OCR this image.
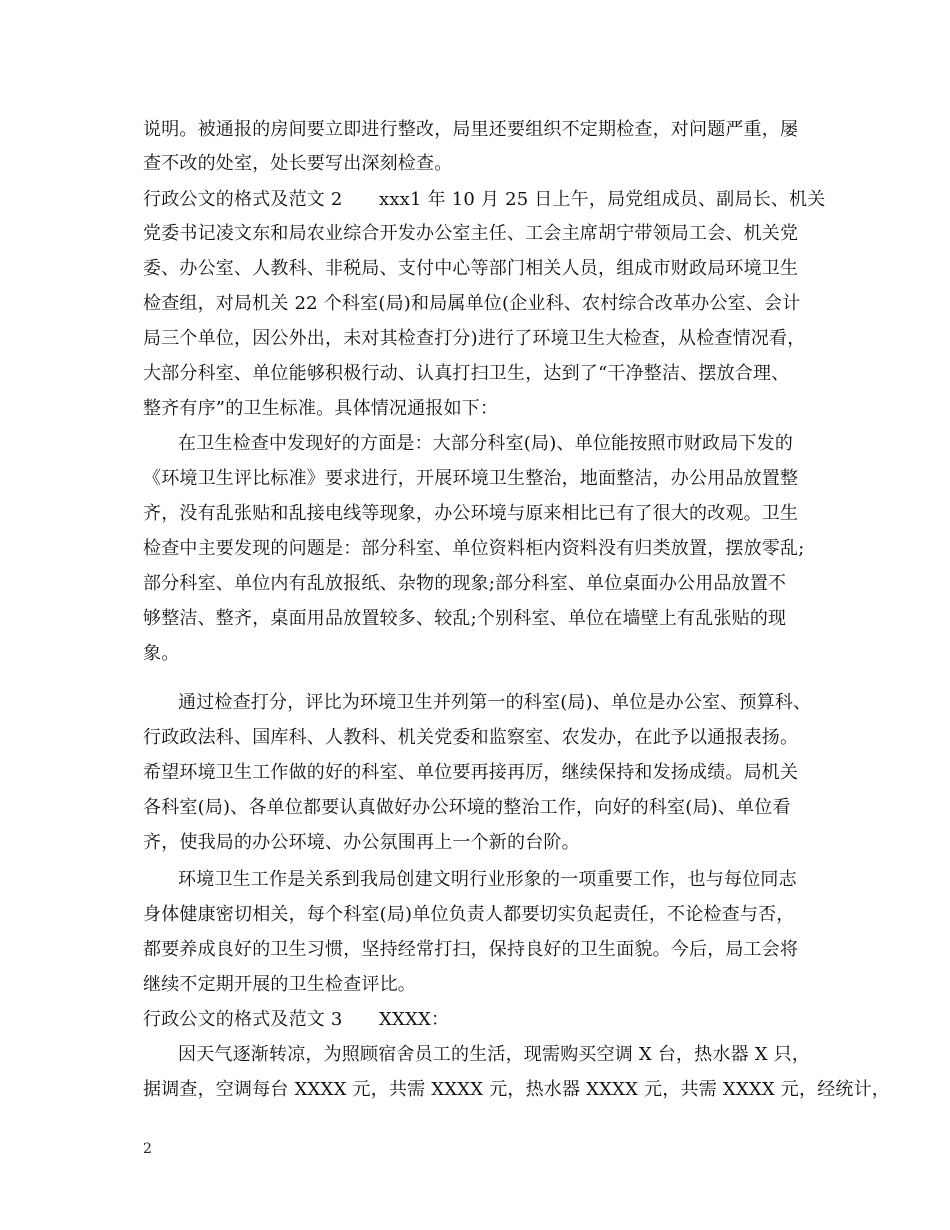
说明。被通报的房间要立即进行整改，局里还要组织不定期检查，对问题严重，屡
查不改的处室，处长要写出深刻检查。
行政公文的格式及范文 2　　xxx1 年 10 月 25 日上午，局党组成员、副局长、机关
党委书记凌文东和局农业综合开发办公室主任、工会主席胡宁带领局工会、机关党
委、办公室、人教科、非税局、支付中心等部门相关人员，组成市财政局环境卫生
检查组，对局机关 22 个科室(局)和局属单位(企业科、农村综合改革办公室、会计
局三个单位，因公外出，未对其检查打分)进行了环境卫生大检查，从检查情况看，
大部分科室、单位能够积极行动、认真打扫卫生，达到了“干净整洁、摆放合理、
整齐有序”的卫生标准。具体情况通报如下：
在卫生检查中发现好的方面是：大部分科室(局)、单位能按照市财政局下发的
《环境卫生评比标准》要求进行，开展环境卫生整治，地面整洁，办公用品放置整
齐，没有乱张贴和乱接电线等现象，办公环境与原来相比已有了很大的改观。卫生
检查中主要发现的问题是：部分科室、单位资料柜内资料没有归类放置，摆放零乱;
部分科室、单位内有乱放报纸、杂物的现象;部分科室、单位桌面办公用品放置不
够整洁、整齐，桌面用品放置较多、较乱;个别科室、单位在墙壁上有乱张贴的现
象。
通过检查打分，评比为环境卫生并列第一的科室(局)、单位是办公室、预算科、
行政政法科、国库科、人教科、机关党委和监察室、农发办，在此予以通报表扬。
希望环境卫生工作做的好的科室、单位要再接再厉，继续保持和发扬成绩。局机关
各科室(局)、各单位都要认真做好办公环境的整治工作，向好的科室(局)、单位看
齐，使我局的办公环境、办公氛围再上一个新的台阶。
环境卫生工作是关系到我局创建文明行业形象的一项重要工作，也与每位同志
身体健康密切相关，每个科室(局)单位负责人都要切实负起责任，不论检查与否，
都要养成良好的卫生习惯，坚持经常打扫，保持良好的卫生面貌。今后，局工会将
继续不定期开展的卫生检查评比。
行政公文的格式及范文 3　　XXXX：
因天气逐渐转凉，为照顾宿舍员工的生活，现需购买空调 X 台，热水器 X 只，
据调查，空调每台 XXXX 元，共需 XXXX 元，热水器 XXXX 元，共需 XXXX 元，经统计，
2
